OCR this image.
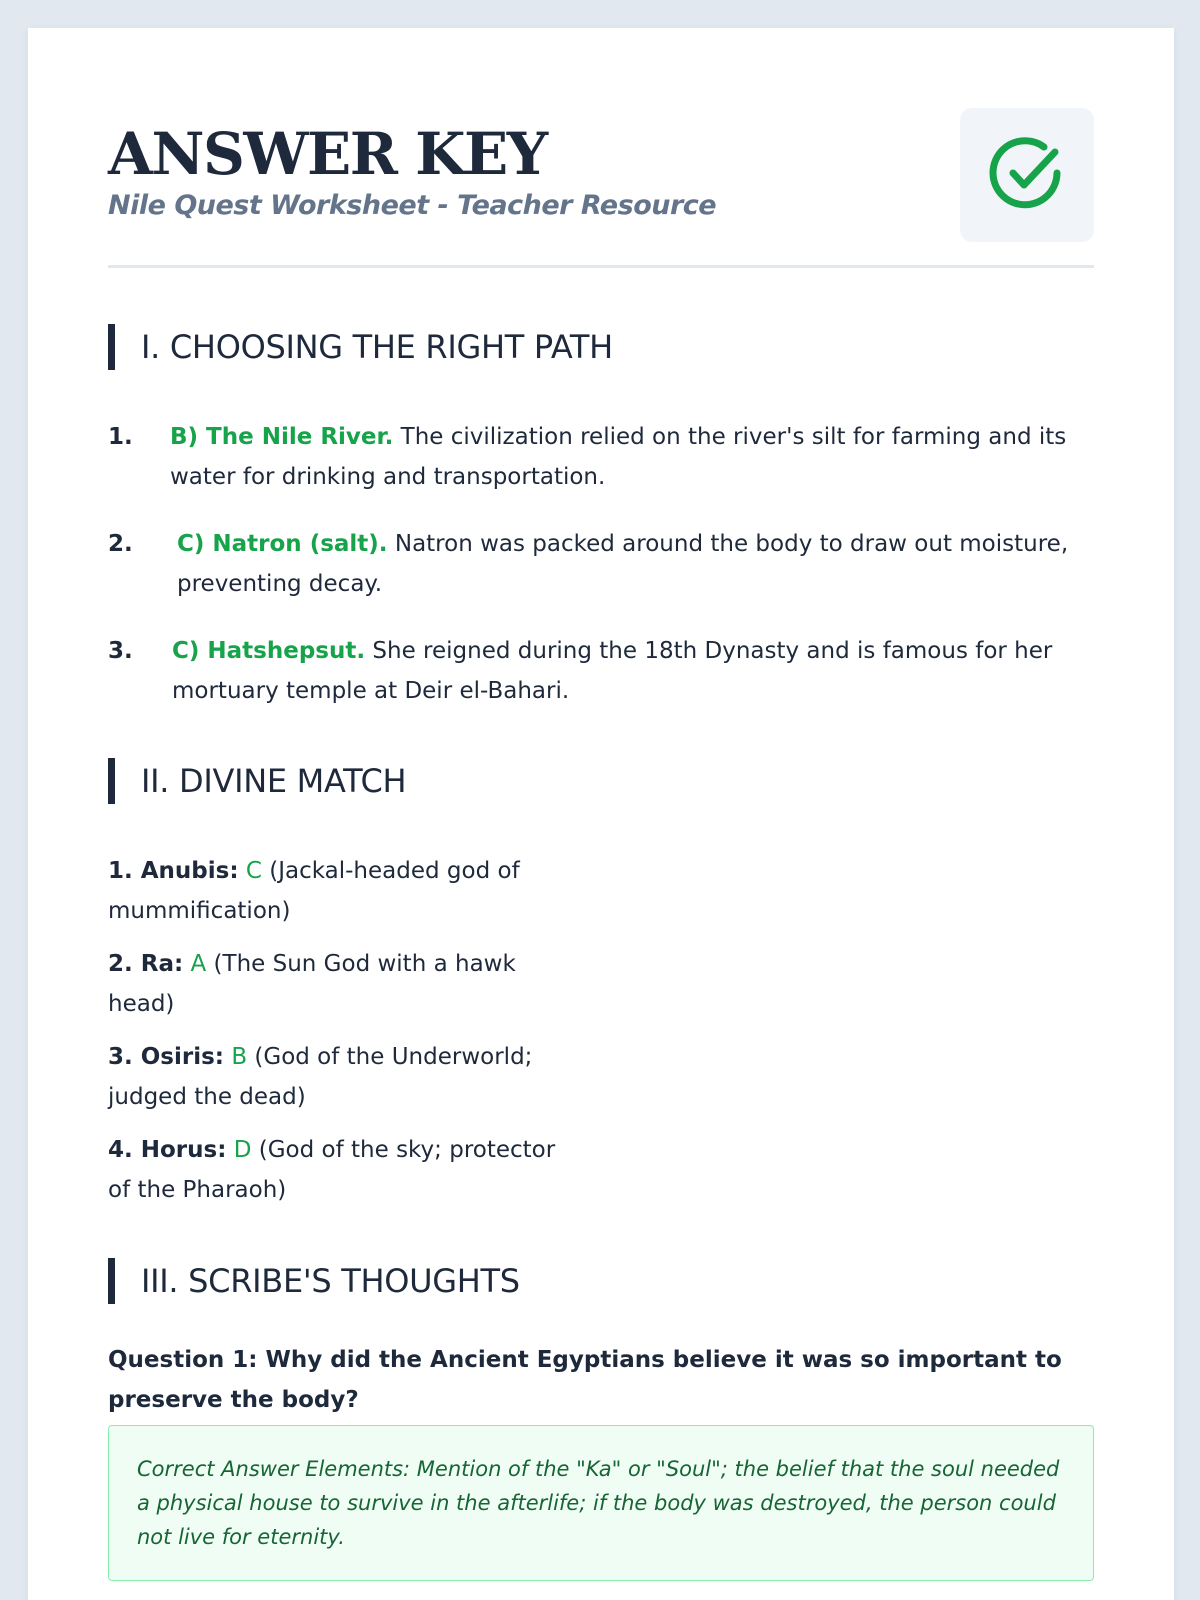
ANSWER KEY
Nile Quest Worksheet - Teacher Resource
I. CHOOSING THE RIGHT PATH
1. B) The Nile River. The civilization relied on the river's silt for farming and its water for drinking and transportation.
2. C) Natron (salt). Natron was packed around the body to draw out moisture, preventing decay.
3. C) Hatshepsut. She reigned during the 18th Dynasty and is famous for her mortuary temple at Deir el-Bahari.
II. DIVINE MATCH
1. Anubis: C (Jackal-headed god of mummification)
2. Ra: A (The Sun God with a hawk head)
3. Osiris: B (God of the Underworld; judged the dead)
4. Horus: D (God of the sky; protector of the Pharaoh)
III. SCRIBE'S THOUGHTS
Question 1: Why did the Ancient Egyptians believe it was so important to preserve the body?
Correct Answer Elements: Mention of the "Ka" or "Soul"; the belief that the soul needed a physical house to survive in the afterlife; if the body was destroyed, the person could not live for eternity.
